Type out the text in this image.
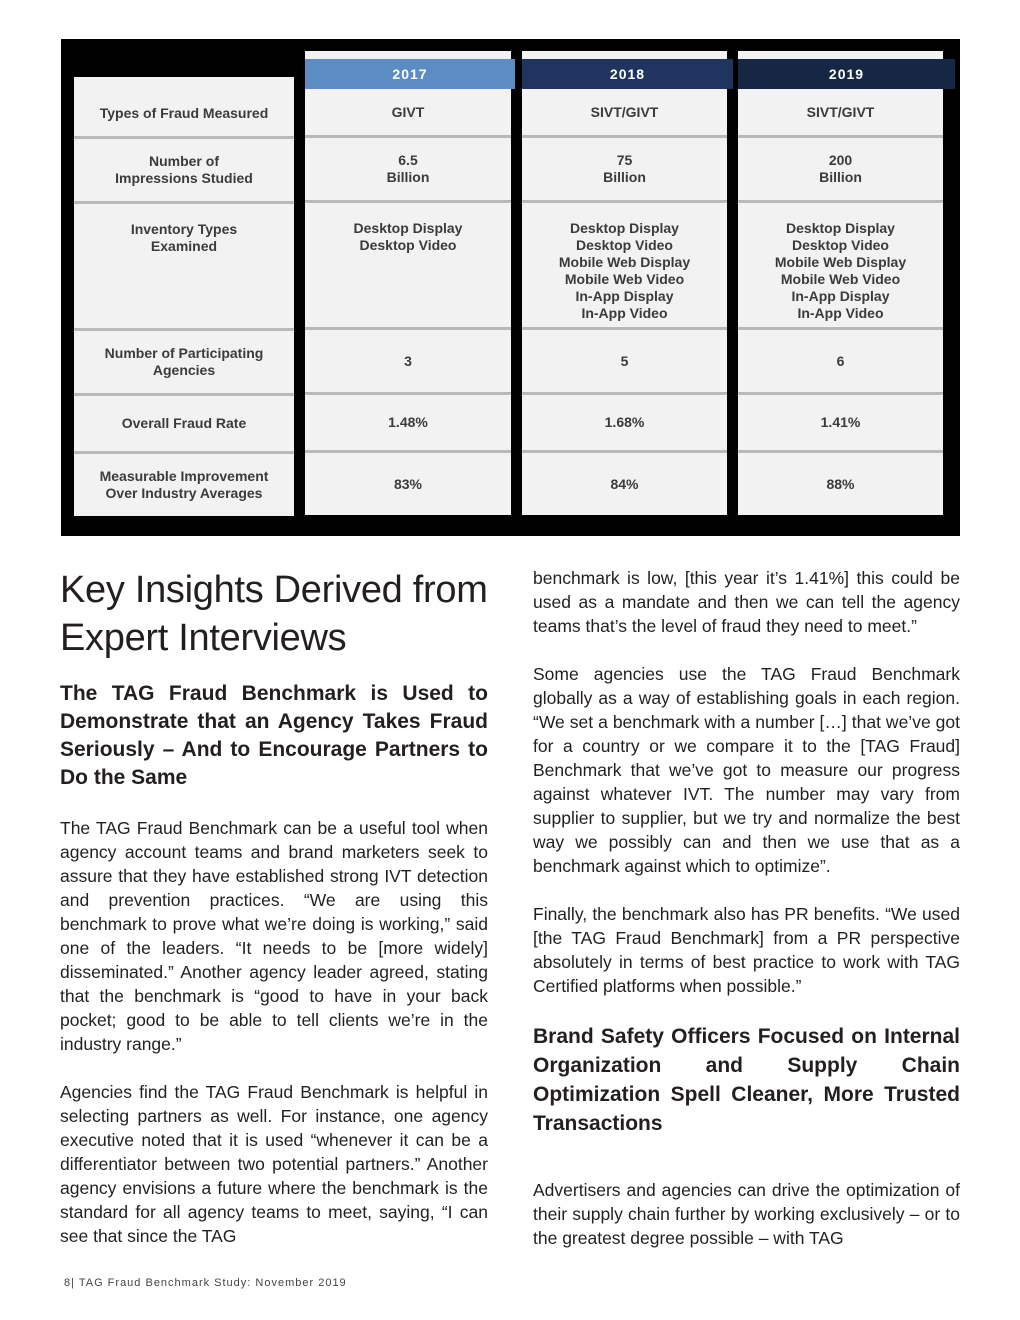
Types of Fraud Measured
Number of
Impressions Studied
Inventory Types
Examined
Number of Participating
Agencies
Overall Fraud Rate
Measurable Improvement
Over Industry Averages
2017
GIVT
6.5
Billion
Desktop Display
Desktop Video
3
1.48%
83%
2018
SIVT/GIVT
75
Billion
Desktop Display
Desktop Video
Mobile Web Display
Mobile Web Video
In-App Display
In-App Video
5
1.68%
84%
2019
SIVT/GIVT
200
Billion
Desktop Display
Desktop Video
Mobile Web Display
Mobile Web Video
In-App Display
In-App Video
6
1.41%
88%
Key Insights Derived from Expert Interviews
The TAG Fraud Benchmark is Used to Demonstrate that an Agency Takes Fraud Seriously – And to Encourage Partners to Do the Same

The TAG Fraud Benchmark can be a useful tool when agency account teams and brand marketers seek to assure that they have established strong IVT detection and prevention practices. “We are using this benchmark to prove what we’re doing is working,” said one of the leaders. “It needs to be [more widely] disseminated.” Another agency leader agreed, stating that the benchmark is “good to have in your back pocket; good to be able to tell clients we’re in the industry range.”

Agencies find the TAG Fraud Benchmark is helpful in selecting partners as well. For instance, one agency executive noted that it is used “whenever it can be a differentiator between two potential partners.” Another agency envisions a future where the benchmark is the standard for all agency teams to meet, saying, “I can see that since the TAG

benchmark is low, [this year it’s 1.41%] this could be used as a mandate and then we can tell the agency teams that’s the level of fraud they need to meet.”

Some agencies use the TAG Fraud Benchmark globally as a way of establishing goals in each region. “We set a benchmark with a number […] that we’ve got for a country or we compare it to the [TAG Fraud] Benchmark that we’ve got to measure our progress against whatever IVT. The number may vary from supplier to supplier, but we try and normalize the best way we possibly can and then we use that as a benchmark against which to optimize”.

Finally, the benchmark also has PR benefits. “We used [the TAG Fraud Benchmark] from a PR perspective absolutely in terms of best practice to work with TAG Certified platforms when possible.”

Brand Safety Officers Focused on Internal Organization and Supply Chain Optimization Spell Cleaner, More Trusted Transactions

Advertisers and agencies can drive the optimization of their supply chain further by working exclusively – or to the greatest degree possible – with TAG

8| TAG Fraud Benchmark Study: November 2019
